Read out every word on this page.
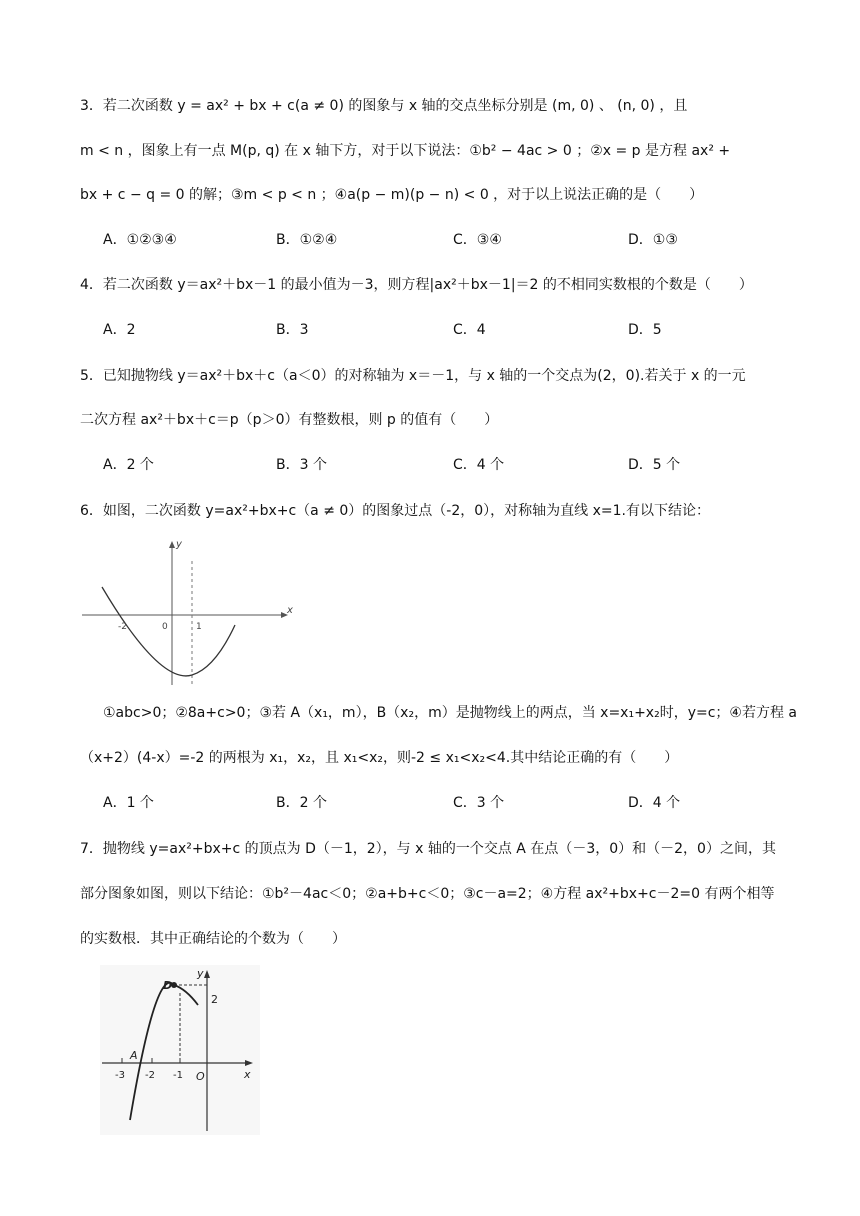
3．若二次函数 y = ax² + bx + c(a ≠ 0) 的图象与 x 轴的交点坐标分别是 (m, 0) 、 (n, 0) ，且
m < n ，图象上有一点 M(p, q) 在 x 轴下方，对于以下说法：①b² − 4ac > 0 ；②x = p 是方程 ax² +
bx + c − q = 0 的解；③m < p < n ；④a(p − m)(p − n) < 0 ，对于以上说法正确的是（　　）
A．①②③④	B．①②④	C．③④	D．①③
4．若二次函数 y＝ax²＋bx－1 的最小值为－3，则方程|ax²＋bx－1|＝2 的不相同实数根的个数是（　　）
A．2	B．3	C．4	D．5
5．已知抛物线 y＝ax²＋bx＋c（a＜0）的对称轴为 x＝－1，与 x 轴的一个交点为(2，0).若关于 x 的一元
二次方程 ax²＋bx＋c＝p（p＞0）有整数根，则 p 的值有（　　）
A．2 个	B．3 个	C．4 个	D．5 个
6．如图，二次函数 y=ax²+bx+c（a ≠ 0）的图象过点（-2，0），对称轴为直线 x=1.有以下结论：
y
x
-2	0	1
①abc>0；②8a+c>0；③若 A（x₁，m），B（x₂，m）是抛物线上的两点，当 x=x₁+x₂时，y=c；④若方程 a
（x+2）(4-x）=-2 的两根为 x₁，x₂，且 x₁<x₂，则-2 ≤ x₁<x₂<4.其中结论正确的有（　　）
A．1 个	B．2 个	C．3 个	D．4 个
7．抛物线 y=ax²+bx+c 的顶点为 D（－1，2），与 x 轴的一个交点 A 在点（－3，0）和（－2，0）之间，其
部分图象如图，则以下结论：①b²－4ac＜0；②a+b+c＜0；③c－a=2；④方程 ax²+bx+c－2=0 有两个相等
的实数根．其中正确结论的个数为（　　）
y
x
D
A
2
-3 -2 -1 O
